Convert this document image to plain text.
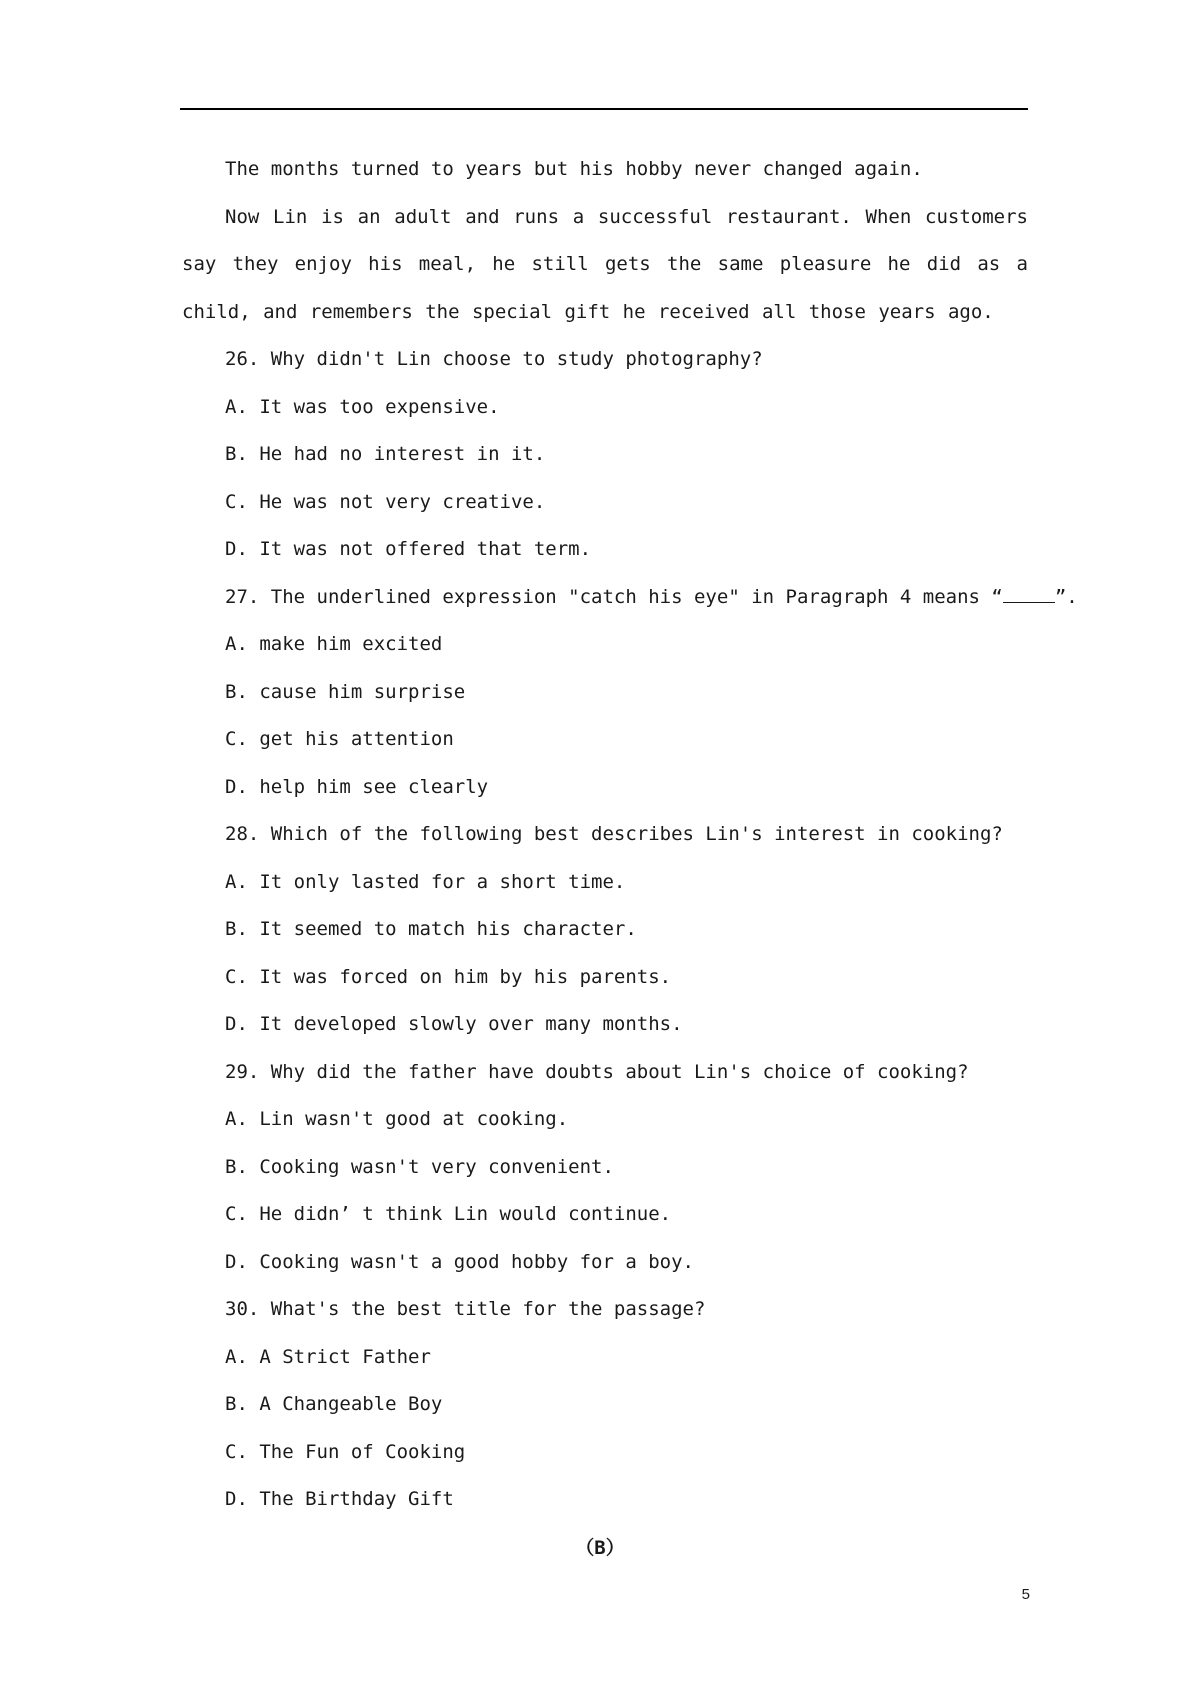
The months turned to years but his hobby never changed again.

Now Lin is an adult and runs a successful restaurant. When customers say they enjoy his meal, he still gets the same pleasure he did as a child, and remembers the special gift he received all those years ago.

26. Why didn't Lin choose to study photography?

A. It was too expensive.

B. He had no interest in it.

C. He was not very creative.

D. It was not offered that term.

27. The underlined expression "catch his eye" in Paragraph 4 means “	”.

A. make him excited

B. cause him surprise

C. get his attention

D. help him see clearly

28. Which of the following best describes Lin's interest in cooking?

A. It only lasted for a short time.

B. It seemed to match his character.

C. It was forced on him by his parents.

D. It developed slowly over many months.

29. Why did the father have doubts about Lin's choice of cooking?

A. Lin wasn't good at cooking.

B. Cooking wasn't very convenient.

C. He didn’ t think Lin would continue.

D. Cooking wasn't a good hobby for a boy.

30. What's the best title for the passage?

A. A Strict Father

B. A Changeable Boy

C. The Fun of Cooking

D. The Birthday Gift

（B）
5
